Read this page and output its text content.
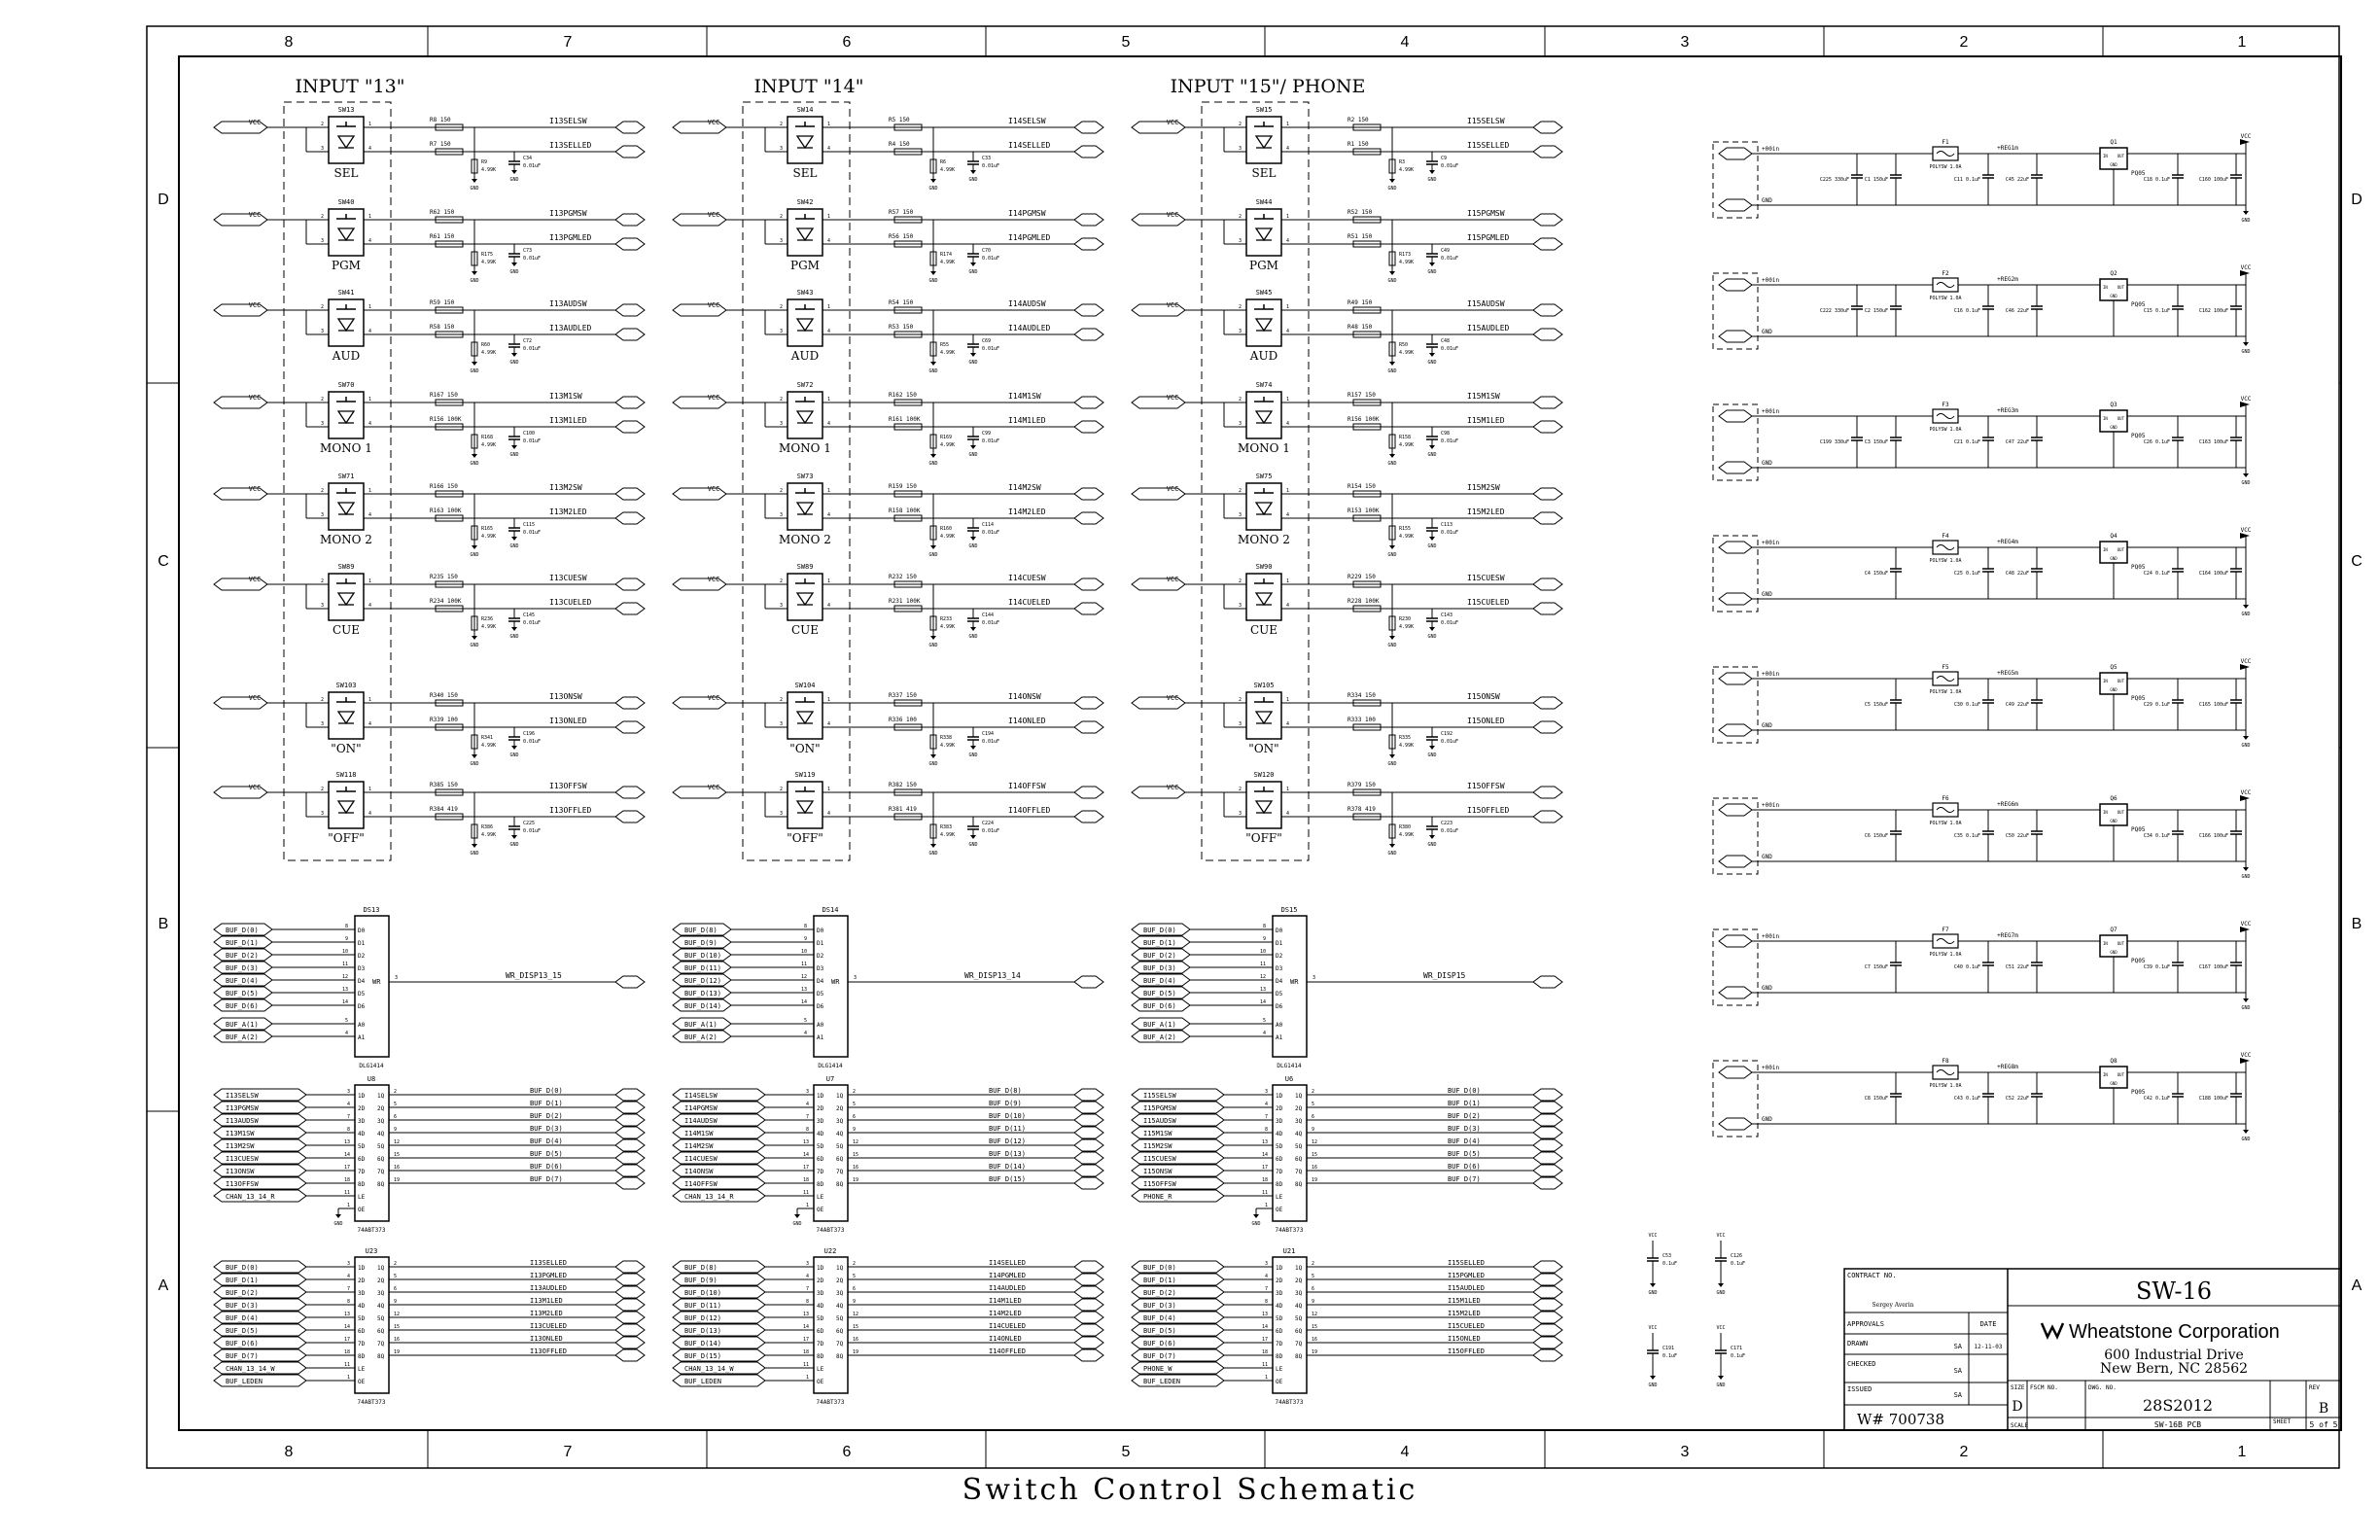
8
8
7
7
6
6
5
5
4
4
3
3
2
2
1
1
D	D
C	C
B	B
A	A
INPUT "13"
VCC
SW13
2
3
1
4
SEL
R8 150
R7 150
R9
4.99K
GND
C34
0.01uF
GND
I13SELSW
I13SELLED
VCC
SW40
2
3
1
4
PGM
R62 150
R61 150
R175
4.99K
GND
C73
0.01uF
GND
I13PGMSW
I13PGMLED
VCC
SW41
2
3
1
4
AUD
R59 150
R58 150
R60
4.99K
GND
C72
0.01uF
GND
I13AUDSW
I13AUDLED
VCC
SW70
2
3
1
4
MONO 1
R167 150
R156 100K
R168
4.99K
GND
C100
0.01uF
GND
I13M1SW
I13M1LED
VCC
SW71
2
3
1
4
MONO 2
R166 150
R163 100K
R165
4.99K
GND
C115
0.01uF
GND
I13M2SW
I13M2LED
VCC
SW89
2
3
1
4
CUE
R235 150
R234 100K
R236
4.99K
GND
C145
0.01uF
GND
I13CUESW
I13CUELED
VCC
SW103
2
3
1
4
"ON"
R340 150
R339 100
R341
4.99K
GND
C196
0.01uF
GND
I13ONSW
I13ONLED
VCC
SW118
2
3
1
4
"OFF"
R385 150
R384 419
R386
4.99K
GND
C225
0.01uF
GND
I13OFFSW
I13OFFLED
DS13
DLG1414
BUF_D(0)	8
D0
BUF_D(1)	9
D1
BUF_D(2)	10
D2
BUF_D(3)	11
D3
BUF_D(4)	12
D4
BUF_D(5)	13
D5
BUF_D(6)	14
D6
BUF_A(1)	5
A0
BUF_A(2)	4
A1
WR	3	WR_DISP13_15
U8
74ABT373
I13SELSW	3
1D
I13PGMSW	4
2D
I13AUDSW	7
3D
I13M1SW	8
4D
I13M2SW	13
5D
I13CUESW	14
6D
I13ONSW	17
7D
I13OFFSW	18
8D
CHAN_13_14_R	11
LE
GND
1
OE
1Q
2	BUF_D(0)
2Q
5	BUF_D(1)
3Q
6	BUF_D(2)
4Q
9	BUF_D(3)
5Q
12	BUF_D(4)
6Q
15	BUF_D(5)
7Q
16	BUF_D(6)
8Q
19	BUF_D(7)
U23
74ABT373
BUF_D(0)	3
1D
BUF_D(1)	4
2D
BUF_D(2)	7
3D
BUF_D(3)	8
4D
BUF_D(4)	13
5D
BUF_D(5)	14
6D
BUF_D(6)	17
7D
BUF_D(7)	18
8D
CHAN_13_14_W	11
LE
BUF_LEDEN	1
OE
1Q
2	I13SELLED
2Q
5	I13PGMLED
3Q
6	I13AUDLED
4Q
9	I13M1LED
5Q
12	I13M2LED
6Q
15	I13CUELED
7Q
16	I13ONLED
8Q
19	I13OFFLED
INPUT "14"
VCC
SW14
2
3
1
4
SEL
R5 150
R4 150
R6
4.99K
GND
C33
0.01uF
GND
I14SELSW
I14SELLED
VCC
SW42
2
3
1
4
PGM
R57 150
R56 150
R174
4.99K
GND
C70
0.01uF
GND
I14PGMSW
I14PGMLED
VCC
SW43
2
3
1
4
AUD
R54 150
R53 150
R55
4.99K
GND
C69
0.01uF
GND
I14AUDSW
I14AUDLED
VCC
SW72
2
3
1
4
MONO 1
R162 150
R161 100K
R169
4.99K
GND
C99
0.01uF
GND
I14M1SW
I14M1LED
VCC
SW73
2
3
1
4
MONO 2
R159 150
R158 100K
R160
4.99K
GND
C114
0.01uF
GND
I14M2SW
I14M2LED
VCC
SW89
2
3
1
4
CUE
R232 150
R231 100K
R233
4.99K
GND
C144
0.01uF
GND
I14CUESW
I14CUELED
VCC
SW104
2
3
1
4
"ON"
R337 150
R336 100
R338
4.99K
GND
C194
0.01uF
GND
I14ONSW
I14ONLED
VCC
SW119
2
3
1
4
"OFF"
R382 150
R381 419
R383
4.99K
GND
C224
0.01uF
GND
I14OFFSW
I14OFFLED
DS14
DLG1414
BUF_D(8)	8
D0
BUF_D(9)	9
D1
BUF_D(10)	10
D2
BUF_D(11)	11
D3
BUF_D(12)	12
D4
BUF_D(13)	13
D5
BUF_D(14)	14
D6
BUF_A(1)	5
A0
BUF_A(2)	4
A1
WR	3	WR_DISP13_14
U7
74ABT373
I14SELSW	3
1D
I14PGMSW	4
2D
I14AUDSW	7
3D
I14M1SW	8
4D
I14M2SW	13
5D
I14CUESW	14
6D
I14ONSW	17
7D
I14OFFSW	18
8D
CHAN_13_14_R	11
LE
GND
1
OE
1Q
2	BUF_D(8)
2Q
5	BUF_D(9)
3Q
6	BUF_D(10)
4Q
9	BUF_D(11)
5Q
12	BUF_D(12)
6Q
15	BUF_D(13)
7Q
16	BUF_D(14)
8Q
19	BUF_D(15)
U22
74ABT373
BUF_D(8)	3
1D
BUF_D(9)	4
2D
BUF_D(10)	7
3D
BUF_D(11)	8
4D
BUF_D(12)	13
5D
BUF_D(13)	14
6D
BUF_D(14)	17
7D
BUF_D(15)	18
8D
CHAN_13_14_W	11
LE
BUF_LEDEN	1
OE
1Q
2	I14SELLED
2Q
5	I14PGMLED
3Q
6	I14AUDLED
4Q
9	I14M1LED
5Q
12	I14M2LED
6Q
15	I14CUELED
7Q
16	I14ONLED
8Q
19	I14OFFLED
INPUT "15"/ PHONE
VCC
SW15
2
3
1
4
SEL
R2 150
R1 150
R3
4.99K
GND
C9
0.01uF
GND
I15SELSW
I15SELLED
VCC
SW44
2
3
1
4
PGM
R52 150
R51 150
R173
4.99K
GND
C49
0.01uF
GND
I15PGMSW
I15PGMLED
VCC
SW45
2
3
1
4
AUD
R49 150
R48 150
R50
4.99K
GND
C48
0.01uF
GND
I15AUDSW
I15AUDLED
VCC
SW74
2
3
1
4
MONO 1
R157 150
R156 100K
R158
4.99K
GND
C98
0.01uF
GND
I15M1SW
I15M1LED
VCC
SW75
2
3
1
4
MONO 2
R154 150
R153 100K
R155
4.99K
GND
C113
0.01uF
GND
I15M2SW
I15M2LED
VCC
SW90
2
3
1
4
CUE
R229 150
R228 100K
R230
4.99K
GND
C143
0.01uF
GND
I15CUESW
I15CUELED
VCC
SW105
2
3
1
4
"ON"
R334 150
R333 100
R335
4.99K
GND
C192
0.01uF
GND
I15ONSW
I15ONLED
VCC
SW120
2
3
1
4
"OFF"
R379 150
R378 419
R380
4.99K
GND
C223
0.01uF
GND
I15OFFSW
I15OFFLED
DS15
DLG1414
BUF_D(0)	8
D0
BUF_D(1)	9
D1
BUF_D(2)	10
D2
BUF_D(3)	11
D3
BUF_D(4)	12
D4
BUF_D(5)	13
D5
BUF_D(6)	14
D6
BUF_A(1)	5
A0
BUF_A(2)	4
A1
WR	3	WR_DISP15
U6
74ABT373
I15SELSW	3
1D
I15PGMSW	4
2D
I15AUDSW	7
3D
I15M1SW	8
4D
I15M2SW	13
5D
I15CUESW	14
6D
I15ONSW	17
7D
I15OFFSW	18
8D
PHONE_R	11
LE
GND
1
OE
1Q
2	BUF_D(0)
2Q
5	BUF_D(1)
3Q
6	BUF_D(2)
4Q
9	BUF_D(3)
5Q
12	BUF_D(4)
6Q
15	BUF_D(5)
7Q
16	BUF_D(6)
8Q
19	BUF_D(7)
U21
74ABT373
BUF_D(0)	3
1D
BUF_D(1)	4
2D
BUF_D(2)	7
3D
BUF_D(3)	8
4D
BUF_D(4)	13
5D
BUF_D(5)	14
6D
BUF_D(6)	17
7D
BUF_D(7)	18
8D
PHONE_W	11
LE
BUF_LEDEN	1
OE
1Q
2	I15SELLED
2Q
5	I15PGMLED
3Q
6	I15AUDLED
4Q
9	I15M1LED
5Q
12	I15M2LED
6Q
15	I15CUELED
7Q
16	I15ONLED
8Q
19	I15OFFLED
+00in
GND
F1
POLYSW 1.0A
+REG1m
Q1
IN OUT
GND
PQ05
VCC
GND
C225 330uF	C1 150uF	C11 0.1uF	C45 22uF	C18 0.1uF	C160 100uF
+00in
GND
F2
POLYSW 1.0A
+REG2m
Q2
IN OUT
GND
PQ05
VCC
GND
C222 330uF	C2 150uF	C16 0.1uF	C46 22uF	C15 0.1uF	C162 100uF
+00in
GND
F3
POLYSW 1.0A
+REG3m
Q3
IN OUT
GND
PQ05
VCC
GND
C199 330uF	C3 150uF	C21 0.1uF	C47 22uF	C26 0.1uF	C163 100uF
+00in
GND
F4
POLYSW 1.0A
+REG4m
Q4
IN OUT
GND
PQ05
VCC
GND
C4 150uF	C25 0.1uF	C48 22uF	C24 0.1uF	C164 100uF
+00in
GND
F5
POLYSW 1.0A
+REG5m
Q5
IN OUT
GND
PQ05
VCC
GND
C5 150uF	C30 0.1uF	C49 22uF	C29 0.1uF	C165 100uF
+00in
GND
F6
POLYSW 1.0A
+REG6m
Q6
IN OUT
GND
PQ05
VCC
GND
C6 150uF	C35 0.1uF	C50 22uF	C34 0.1uF	C166 100uF
+00in
GND
F7
POLYSW 1.0A
+REG7m
Q7
IN OUT
GND
PQ05
VCC
GND
C7 150uF	C40 0.1uF	C51 22uF	C39 0.1uF	C167 100uF
+00in
GND
F8
POLYSW 1.0A
+REG8m
Q8
IN OUT
GND
PQ05
VCC
GND
C8 150uF	C43 0.1uF	C52 22uF	C42 0.1uF	C188 100uF
VCC
C53
0.1uF
GND
VCC
C126
0.1uF
GND
VCC
C191
0.1uF
GND
VCC
C171
0.1uF
GND
CONTRACT NO.
Sergey Averin
APPROVALS	DATE
DRAWN	SA 12-11-03
CHECKED
SA
ISSUED
SA
W# 700738
SW-16
Wheatstone Corporation
600 Industrial Drive
New Bern, NC 28562
SIZE
D
FSCM NO.	DWG. NO.
28S2012
REV
B
SCALE	SW-16B PCB	SHEET 5 of 5
Switch Control Schematic
